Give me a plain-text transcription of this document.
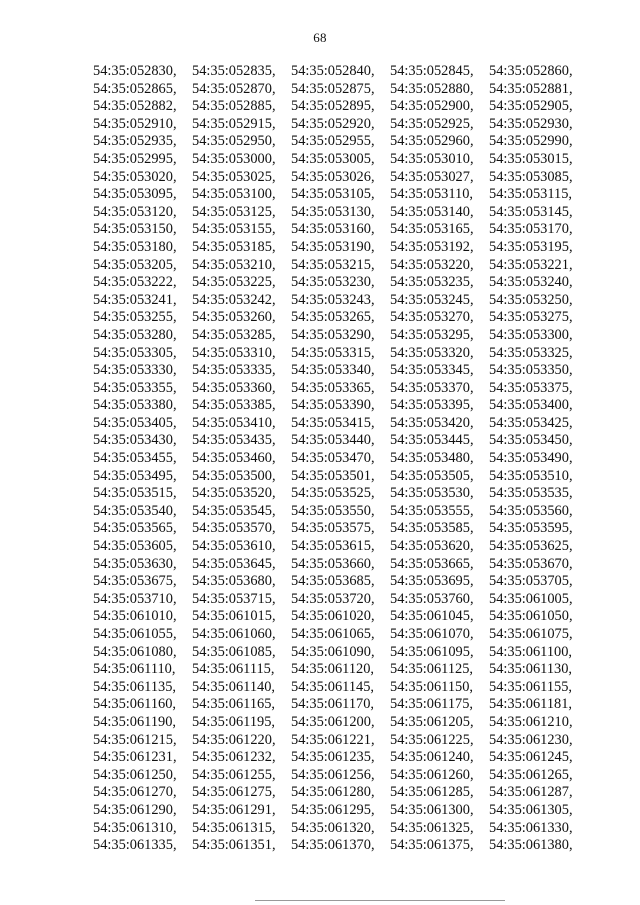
68
54:35:052830,	54:35:052835,	54:35:052840,	54:35:052845,	54:35:052860,
54:35:052865,	54:35:052870,	54:35:052875,	54:35:052880,	54:35:052881,
54:35:052882,	54:35:052885,	54:35:052895,	54:35:052900,	54:35:052905,
54:35:052910,	54:35:052915,	54:35:052920,	54:35:052925,	54:35:052930,
54:35:052935,	54:35:052950,	54:35:052955,	54:35:052960,	54:35:052990,
54:35:052995,	54:35:053000,	54:35:053005,	54:35:053010,	54:35:053015,
54:35:053020,	54:35:053025,	54:35:053026,	54:35:053027,	54:35:053085,
54:35:053095,	54:35:053100,	54:35:053105,	54:35:053110,	54:35:053115,
54:35:053120,	54:35:053125,	54:35:053130,	54:35:053140,	54:35:053145,
54:35:053150,	54:35:053155,	54:35:053160,	54:35:053165,	54:35:053170,
54:35:053180,	54:35:053185,	54:35:053190,	54:35:053192,	54:35:053195,
54:35:053205,	54:35:053210,	54:35:053215,	54:35:053220,	54:35:053221,
54:35:053222,	54:35:053225,	54:35:053230,	54:35:053235,	54:35:053240,
54:35:053241,	54:35:053242,	54:35:053243,	54:35:053245,	54:35:053250,
54:35:053255,	54:35:053260,	54:35:053265,	54:35:053270,	54:35:053275,
54:35:053280,	54:35:053285,	54:35:053290,	54:35:053295,	54:35:053300,
54:35:053305,	54:35:053310,	54:35:053315,	54:35:053320,	54:35:053325,
54:35:053330,	54:35:053335,	54:35:053340,	54:35:053345,	54:35:053350,
54:35:053355,	54:35:053360,	54:35:053365,	54:35:053370,	54:35:053375,
54:35:053380,	54:35:053385,	54:35:053390,	54:35:053395,	54:35:053400,
54:35:053405,	54:35:053410,	54:35:053415,	54:35:053420,	54:35:053425,
54:35:053430,	54:35:053435,	54:35:053440,	54:35:053445,	54:35:053450,
54:35:053455,	54:35:053460,	54:35:053470,	54:35:053480,	54:35:053490,
54:35:053495,	54:35:053500,	54:35:053501,	54:35:053505,	54:35:053510,
54:35:053515,	54:35:053520,	54:35:053525,	54:35:053530,	54:35:053535,
54:35:053540,	54:35:053545,	54:35:053550,	54:35:053555,	54:35:053560,
54:35:053565,	54:35:053570,	54:35:053575,	54:35:053585,	54:35:053595,
54:35:053605,	54:35:053610,	54:35:053615,	54:35:053620,	54:35:053625,
54:35:053630,	54:35:053645,	54:35:053660,	54:35:053665,	54:35:053670,
54:35:053675,	54:35:053680,	54:35:053685,	54:35:053695,	54:35:053705,
54:35:053710,	54:35:053715,	54:35:053720,	54:35:053760,	54:35:061005,
54:35:061010,	54:35:061015,	54:35:061020,	54:35:061045,	54:35:061050,
54:35:061055,	54:35:061060,	54:35:061065,	54:35:061070,	54:35:061075,
54:35:061080,	54:35:061085,	54:35:061090,	54:35:061095,	54:35:061100,
54:35:061110,	54:35:061115,	54:35:061120,	54:35:061125,	54:35:061130,
54:35:061135,	54:35:061140,	54:35:061145,	54:35:061150,	54:35:061155,
54:35:061160,	54:35:061165,	54:35:061170,	54:35:061175,	54:35:061181,
54:35:061190,	54:35:061195,	54:35:061200,	54:35:061205,	54:35:061210,
54:35:061215,	54:35:061220,	54:35:061221,	54:35:061225,	54:35:061230,
54:35:061231,	54:35:061232,	54:35:061235,	54:35:061240,	54:35:061245,
54:35:061250,	54:35:061255,	54:35:061256,	54:35:061260,	54:35:061265,
54:35:061270,	54:35:061275,	54:35:061280,	54:35:061285,	54:35:061287,
54:35:061290,	54:35:061291,	54:35:061295,	54:35:061300,	54:35:061305,
54:35:061310,	54:35:061315,	54:35:061320,	54:35:061325,	54:35:061330,
54:35:061335,	54:35:061351,	54:35:061370,	54:35:061375,	54:35:061380,
